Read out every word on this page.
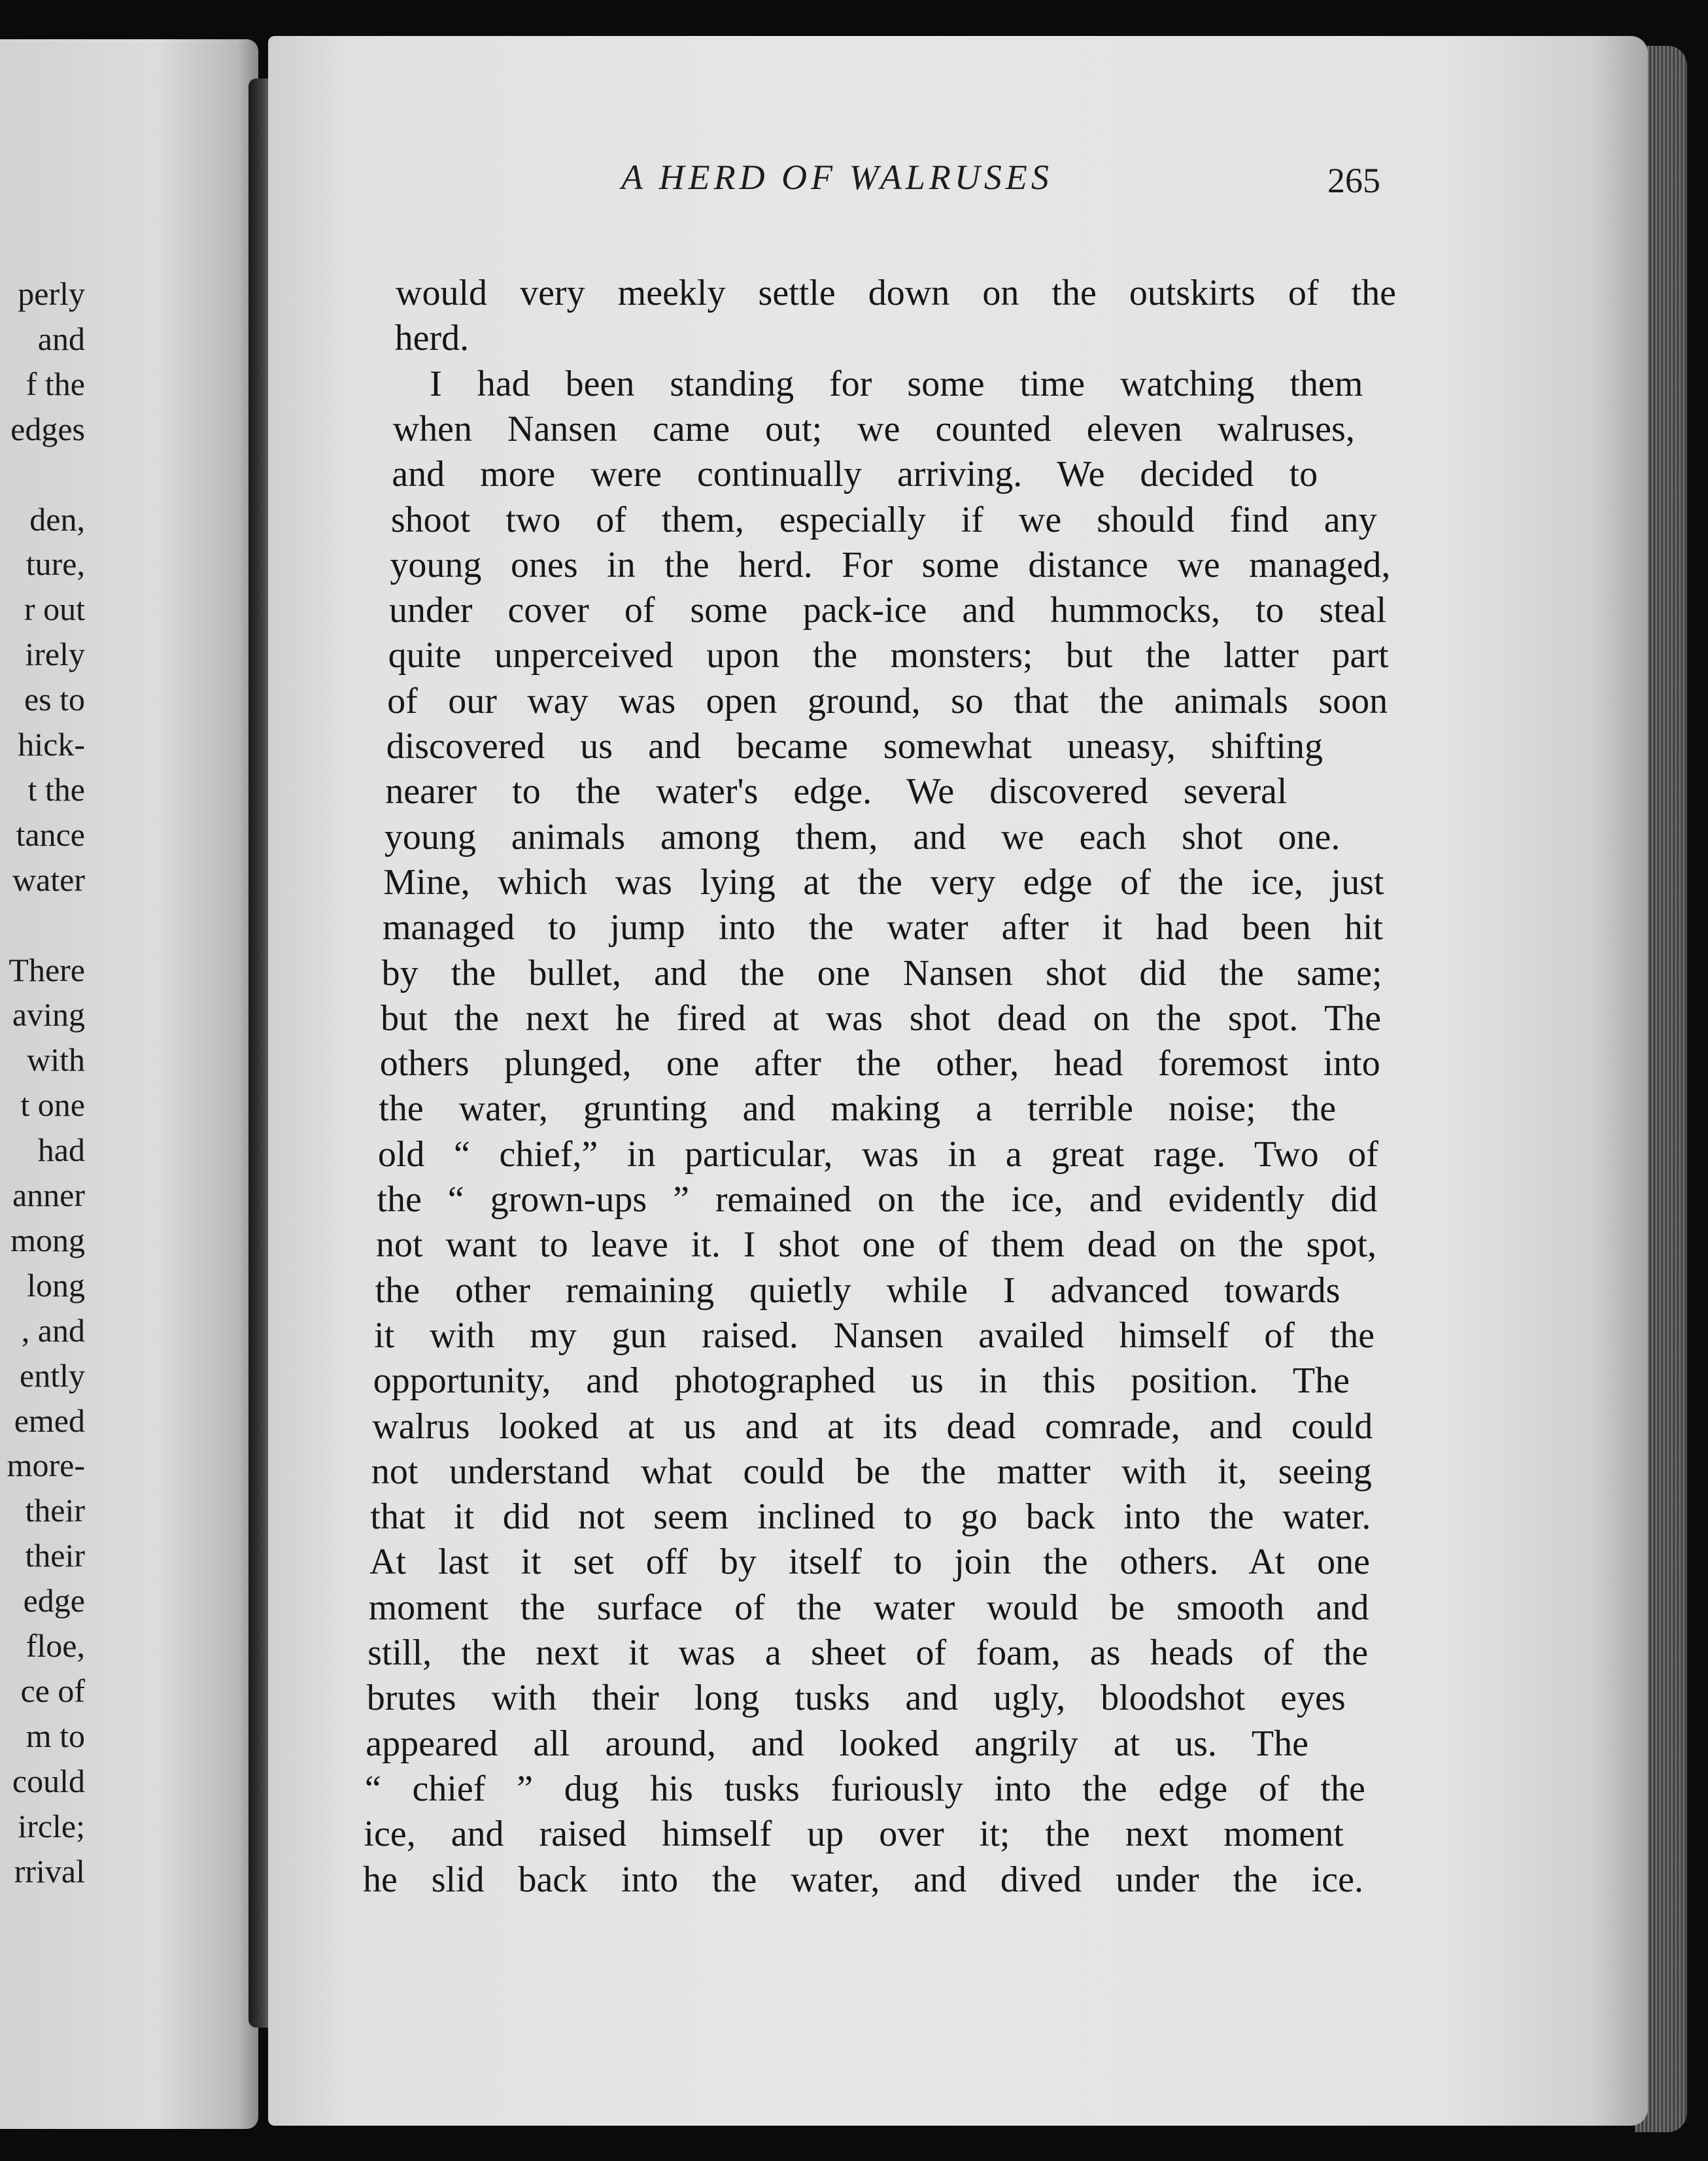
perly
and
f the
edges
den,
ture,
r out
irely
es to
hick-
t the
tance
water
There
aving
with
t one
had
anner
mong
long
, and
ently
emed
more-
their
their
edge
floe,
ce of
m to
could
ircle;
rrival
would very meekly settle down on the outskirts of the
herd.
I had been standing for some time watching them
when Nansen came out; we counted eleven walruses,
and more were continually arriving. We decided to
shoot two of them, especially if we should find any
young ones in the herd. For some distance we managed,
under cover of some pack-ice and hummocks, to steal
quite unperceived upon the monsters; but the latter part
of our way was open ground, so that the animals soon
discovered us and became somewhat uneasy, shifting
nearer to the water's edge. We discovered several
young animals among them, and we each shot one.
Mine, which was lying at the very edge of the ice, just
managed to jump into the water after it had been hit
by the bullet, and the one Nansen shot did the same;
but the next he fired at was shot dead on the spot. The
others plunged, one after the other, head foremost into
the water, grunting and making a terrible noise; the
old “ chief,” in particular, was in a great rage. Two of
the “ grown-ups ” remained on the ice, and evidently did
not want to leave it. I shot one of them dead on the spot,
the other remaining quietly while I advanced towards
it with my gun raised. Nansen availed himself of the
opportunity, and photographed us in this position. The
walrus looked at us and at its dead comrade, and could
not understand what could be the matter with it, seeing
that it did not seem inclined to go back into the water.
At last it set off by itself to join the others. At one
moment the surface of the water would be smooth and
still, the next it was a sheet of foam, as heads of the
brutes with their long tusks and ugly, bloodshot eyes
appeared all around, and looked angrily at us. The
“ chief ” dug his tusks furiously into the edge of the
ice, and raised himself up over it; the next moment
he slid back into the water, and dived under the ice.
A HERD OF WALRUSES	265
